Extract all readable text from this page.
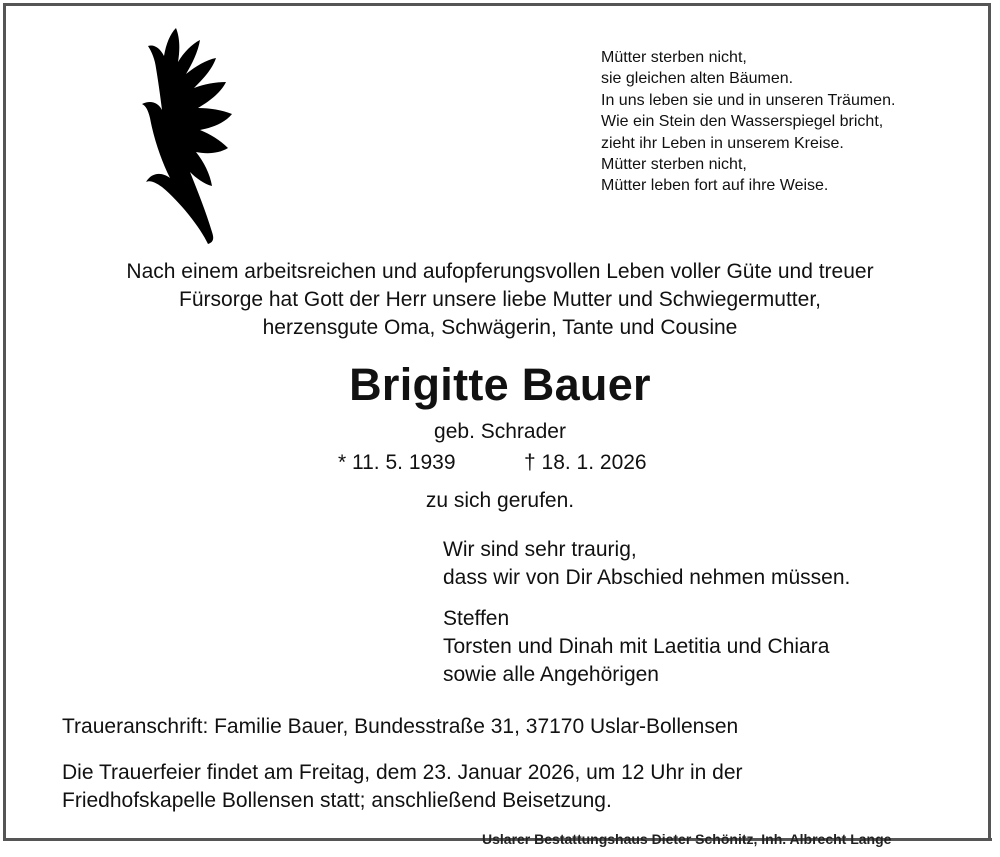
Mütter sterben nicht,
sie gleichen alten Bäumen.
In uns leben sie und in unseren Träumen.
Wie ein Stein den Wasserspiegel bricht,
zieht ihr Leben in unserem Kreise.
Mütter sterben nicht,
Mütter leben fort auf ihre Weise.
Nach einem arbeitsreichen und aufopferungsvollen Leben voller Güte und treuer
Fürsorge hat Gott der Herr unsere liebe Mutter und Schwiegermutter,
herzensgute Oma, Schwägerin, Tante und Cousine
Brigitte Bauer
geb. Schrader
* 11. 5. 1939	† 18. 1. 2026
zu sich gerufen.
Wir sind sehr traurig,
dass wir von Dir Abschied nehmen müssen.
Steffen
Torsten und Dinah mit Laetitia und Chiara
sowie alle Angehörigen
Traueranschrift: Familie Bauer, Bundesstraße 31, 37170 Uslar-Bollensen
Die Trauerfeier findet am Freitag, dem 23. Januar 2026, um 12 Uhr in der
Friedhofskapelle Bollensen statt; anschließend Beisetzung.
Uslarer Bestattungshaus Dieter Schönitz, Inh. Albrecht Lange
